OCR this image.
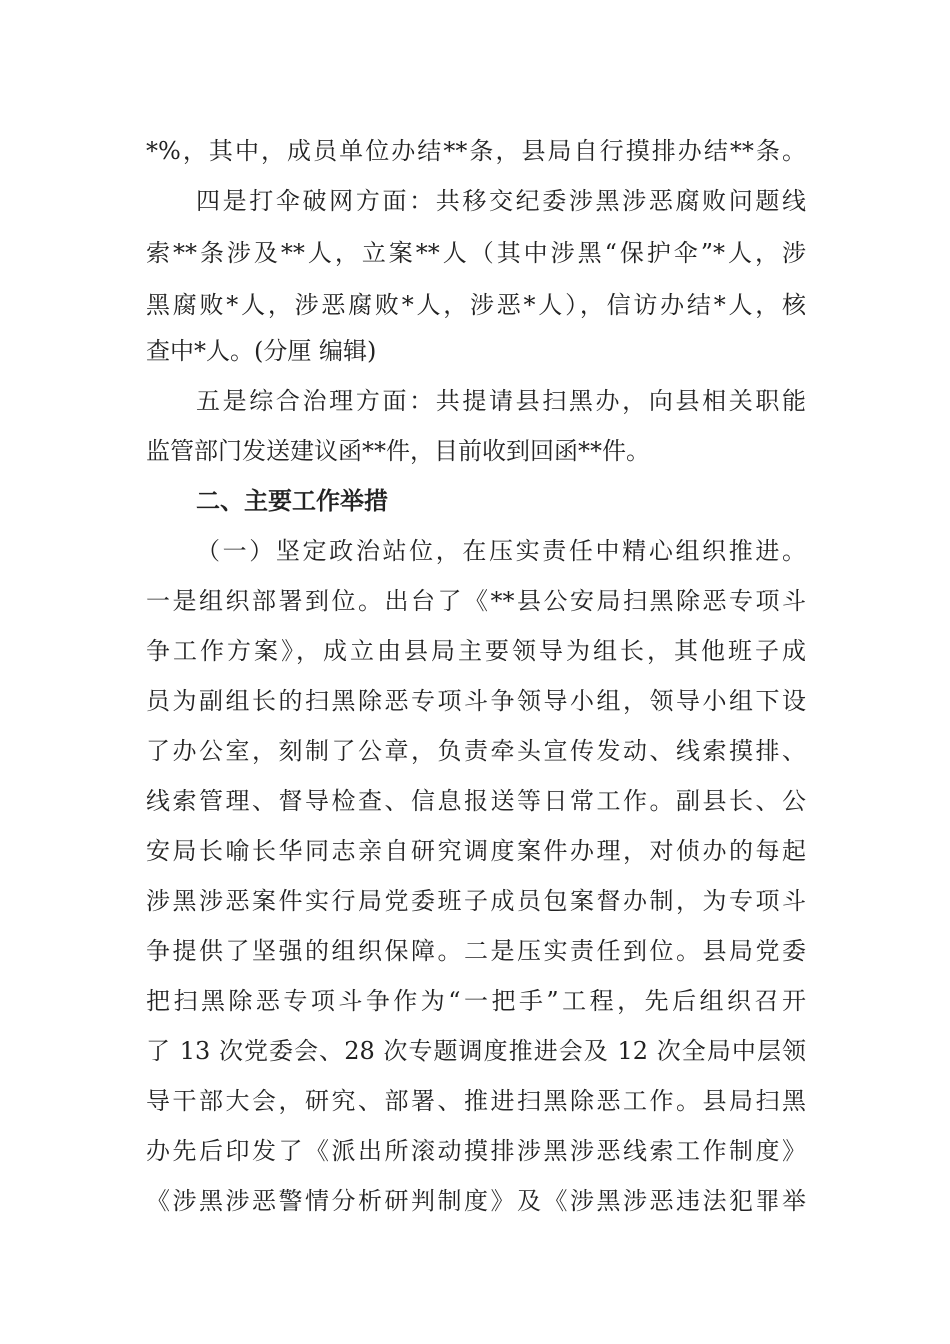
*%，其中，成员单位办结**条，县局自行摸排办结**条。
四是打伞破网方面：共移交纪委涉黑涉恶腐败问题线
索**条涉及**人，立案**人（其中涉黑“保护伞”*人，涉
黑腐败*人，涉恶腐败*人，涉恶*人），信访办结*人，核
查中*人。(分厘 编辑)
五是综合治理方面：共提请县扫黑办，向县相关职能
监管部门发送建议函**件，目前收到回函**件。
二、主要工作举措
（一）坚定政治站位，在压实责任中精心组织推进。
一是组织部署到位。出台了《**县公安局扫黑除恶专项斗
争工作方案》，成立由县局主要领导为组长，其他班子成
员为副组长的扫黑除恶专项斗争领导小组，领导小组下设
了办公室，刻制了公章，负责牵头宣传发动、线索摸排、
线索管理、督导检查、信息报送等日常工作。副县长、公
安局长喻长华同志亲自研究调度案件办理，对侦办的每起
涉黑涉恶案件实行局党委班子成员包案督办制，为专项斗
争提供了坚强的组织保障。二是压实责任到位。县局党委
把扫黑除恶专项斗争作为“一把手”工程，先后组织召开
了 13 次党委会、28 次专题调度推进会及 12 次全局中层领
导干部大会，研究、部署、推进扫黑除恶工作。县局扫黑
办先后印发了《派出所滚动摸排涉黑涉恶线索工作制度》
《涉黑涉恶警情分析研判制度》及《涉黑涉恶违法犯罪举
